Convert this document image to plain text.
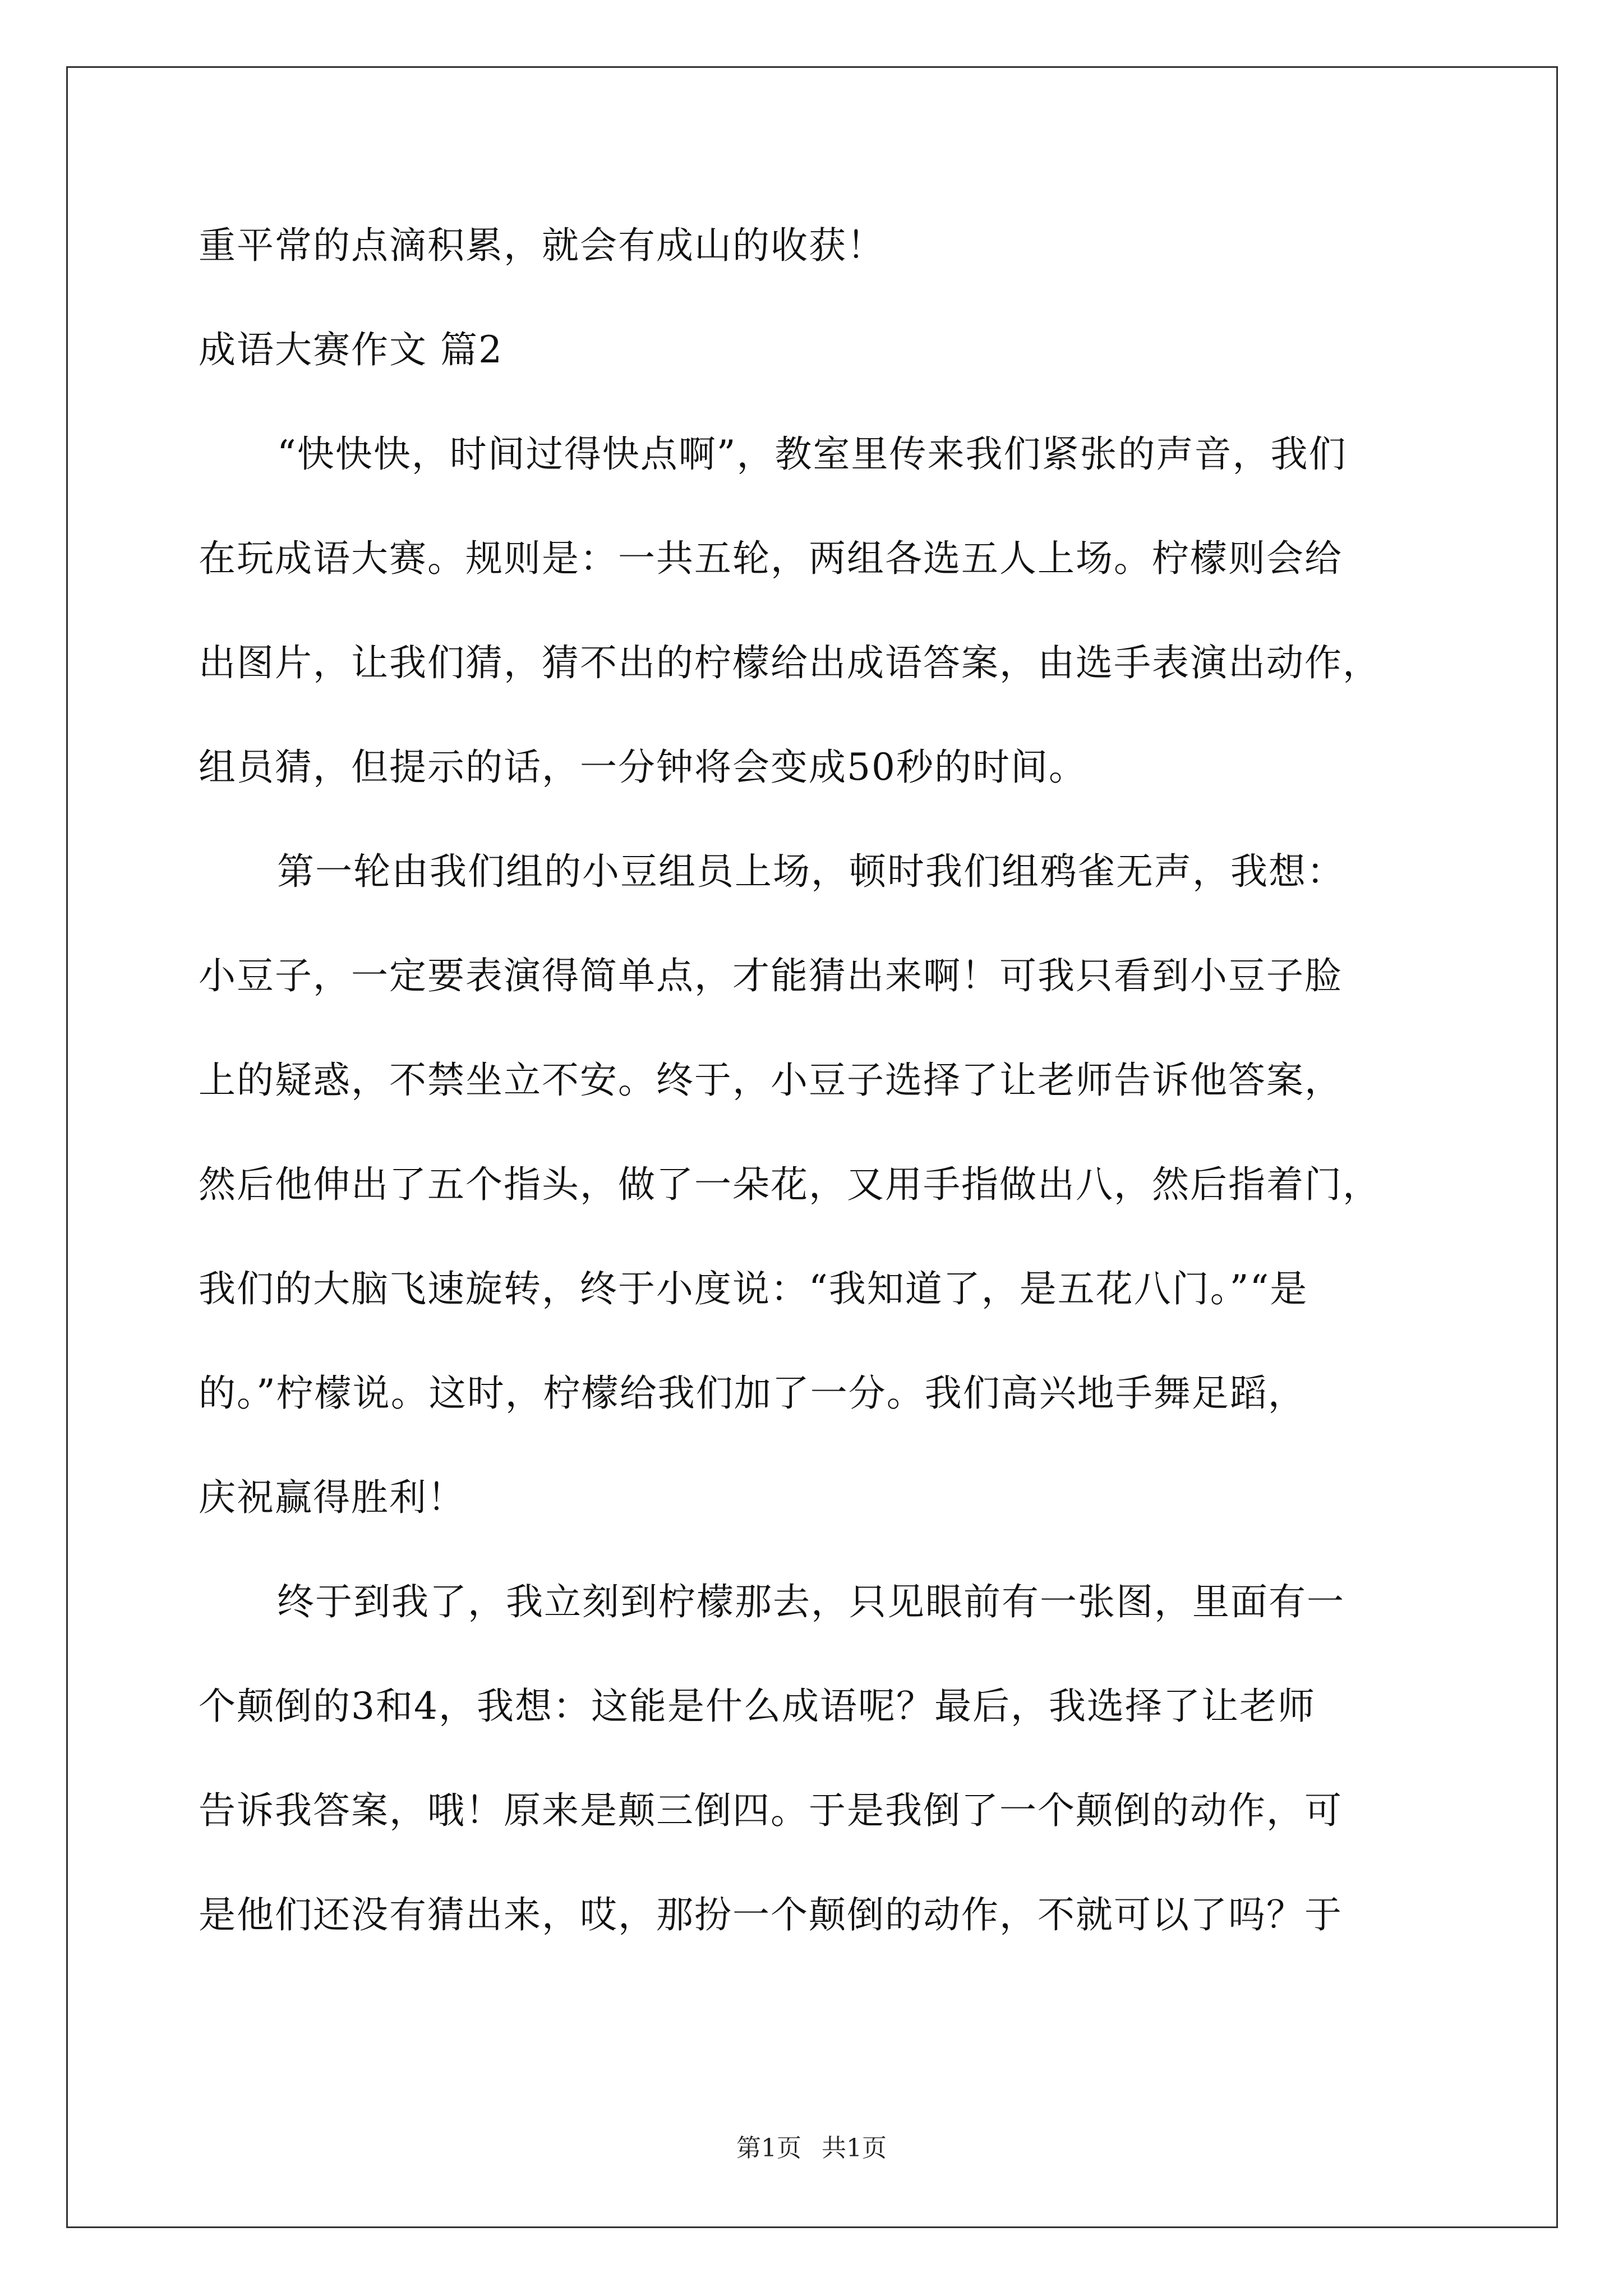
重平常的点滴积累，就会有成山的收获！
成语大赛作文 篇2
“快快快，时间过得快点啊”，教室里传来我们紧张的声音，我们
在玩成语大赛。规则是：一共五轮，两组各选五人上场。柠檬则会给
出图片，让我们猜，猜不出的柠檬给出成语答案，由选手表演出动作，
组员猜，但提示的话，一分钟将会变成50秒的时间。
第一轮由我们组的小豆组员上场，顿时我们组鸦雀无声，我想：
小豆子，一定要表演得简单点，才能猜出来啊！可我只看到小豆子脸
上的疑惑，不禁坐立不安。终于，小豆子选择了让老师告诉他答案，
然后他伸出了五个指头，做了一朵花，又用手指做出八，然后指着门，
我们的大脑飞速旋转，终于小度说：“我知道了，是五花八门。”“是
的。”柠檬说。这时，柠檬给我们加了一分。我们高兴地手舞足蹈，
庆祝赢得胜利！
终于到我了，我立刻到柠檬那去，只见眼前有一张图，里面有一
个颠倒的3和4，我想：这能是什么成语呢？最后，我选择了让老师
告诉我答案，哦！原来是颠三倒四。于是我倒了一个颠倒的动作，可
是他们还没有猜出来，哎，那扮一个颠倒的动作，不就可以了吗？于
第1页 共1页
